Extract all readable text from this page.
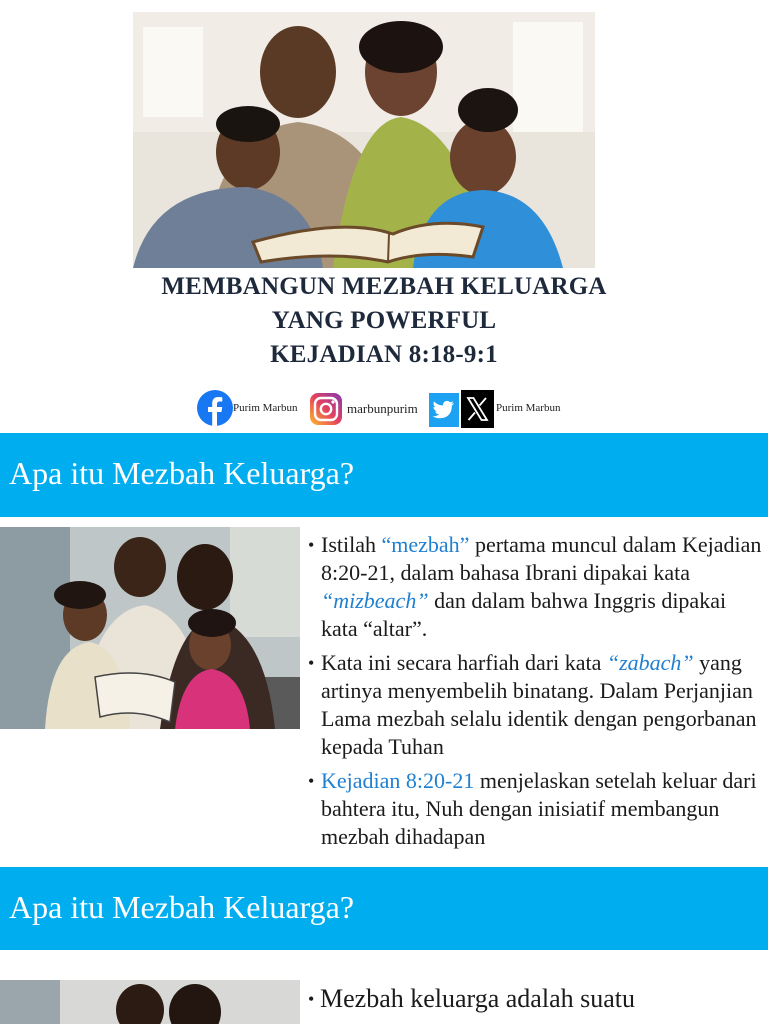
MEMBANGUN MEZBAH KELUARGA
YANG POWERFUL
KEJADIAN 8:18-9:1
Purim Marbun	marbunpurim	Purim Marbun
Apa itu Mezbah Keluarga?
• Istilah “mezbah” pertama muncul dalam Kejadian 8:20-21, dalam bahasa Ibrani dipakai kata “mizbeach” dan dalam bahwa Inggris dipakai kata “altar”.
• Kata ini secara harfiah dari kata “zabach” yang artinya menyembelih binatang. Dalam Perjanjian Lama mezbah selalu identik dengan pengorbanan kepada Tuhan
• Kejadian 8:20-21 menjelaskan setelah keluar dari bahtera itu, Nuh dengan inisiatif membangun mezbah dihadapan
Apa itu Mezbah Keluarga?
• Mezbah keluarga adalah suatu
